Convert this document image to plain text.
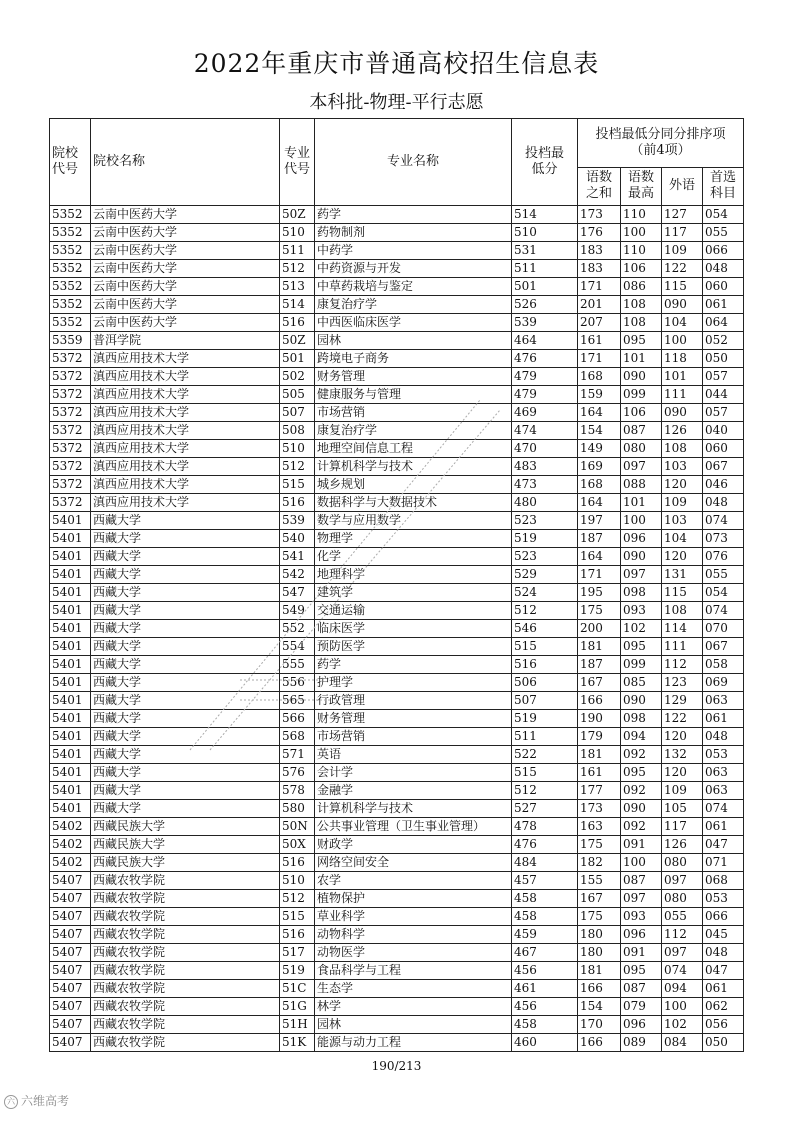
2022年重庆市普通高校招生信息表
本科批-物理-平行志愿
院校代号	院校名称	专业代号	专业名称	投档最低分	投档最低分同分排序项
（前4项）			

					语数之和	语数最高	外语	首选科目
5352	云南中医药大学	50Z	药学	514	173	110	127	054
5352	云南中医药大学	510	药物制剂	510	176	100	117	055
5352	云南中医药大学	511	中药学	531	183	110	109	066
5352	云南中医药大学	512	中药资源与开发	511	183	106	122	048
5352	云南中医药大学	513	中草药栽培与鉴定	501	171	086	115	060
5352	云南中医药大学	514	康复治疗学	526	201	108	090	061
5352	云南中医药大学	516	中西医临床医学	539	207	108	104	064
5359	普洱学院	50Z	园林	464	161	095	100	052
5372	滇西应用技术大学	501	跨境电子商务	476	171	101	118	050
5372	滇西应用技术大学	502	财务管理	479	168	090	101	057
5372	滇西应用技术大学	505	健康服务与管理	479	159	099	111	044
5372	滇西应用技术大学	507	市场营销	469	164	106	090	057
5372	滇西应用技术大学	508	康复治疗学	474	154	087	126	040
5372	滇西应用技术大学	510	地理空间信息工程	470	149	080	108	060
5372	滇西应用技术大学	512	计算机科学与技术	483	169	097	103	067
5372	滇西应用技术大学	515	城乡规划	473	168	088	120	046
5372	滇西应用技术大学	516	数据科学与大数据技术	480	164	101	109	048
5401	西藏大学	539	数学与应用数学	523	197	100	103	074
5401	西藏大学	540	物理学	519	187	096	104	073
5401	西藏大学	541	化学	523	164	090	120	076
5401	西藏大学	542	地理科学	529	171	097	131	055
5401	西藏大学	547	建筑学	524	195	098	115	054
5401	西藏大学	549	交通运输	512	175	093	108	074
5401	西藏大学	552	临床医学	546	200	102	114	070
5401	西藏大学	554	预防医学	515	181	095	111	067
5401	西藏大学	555	药学	516	187	099	112	058
5401	西藏大学	556	护理学	506	167	085	123	069
5401	西藏大学	565	行政管理	507	166	090	129	063
5401	西藏大学	566	财务管理	519	190	098	122	061
5401	西藏大学	568	市场营销	511	179	094	120	048
5401	西藏大学	571	英语	522	181	092	132	053
5401	西藏大学	576	会计学	515	161	095	120	063
5401	西藏大学	578	金融学	512	177	092	109	063
5401	西藏大学	580	计算机科学与技术	527	173	090	105	074
5402	西藏民族大学	50N	公共事业管理（卫生事业管理）	478	163	092	117	061
5402	西藏民族大学	50X	财政学	476	175	091	126	047
5402	西藏民族大学	516	网络空间安全	484	182	100	080	071
5407	西藏农牧学院	510	农学	457	155	087	097	068
5407	西藏农牧学院	512	植物保护	458	167	097	080	053
5407	西藏农牧学院	515	草业科学	458	175	093	055	066
5407	西藏农牧学院	516	动物科学	459	180	096	112	045
5407	西藏农牧学院	517	动物医学	467	180	091	097	048
5407	西藏农牧学院	519	食品科学与工程	456	181	095	074	047
5407	西藏农牧学院	51C	生态学	461	166	087	094	061
5407	西藏农牧学院	51G	林学	456	154	079	100	062
5407	西藏农牧学院	51H	园林	458	170	096	102	056
5407	西藏农牧学院	51K	能源与动力工程	460	166	089	084	050
190/213
六 六维高考
